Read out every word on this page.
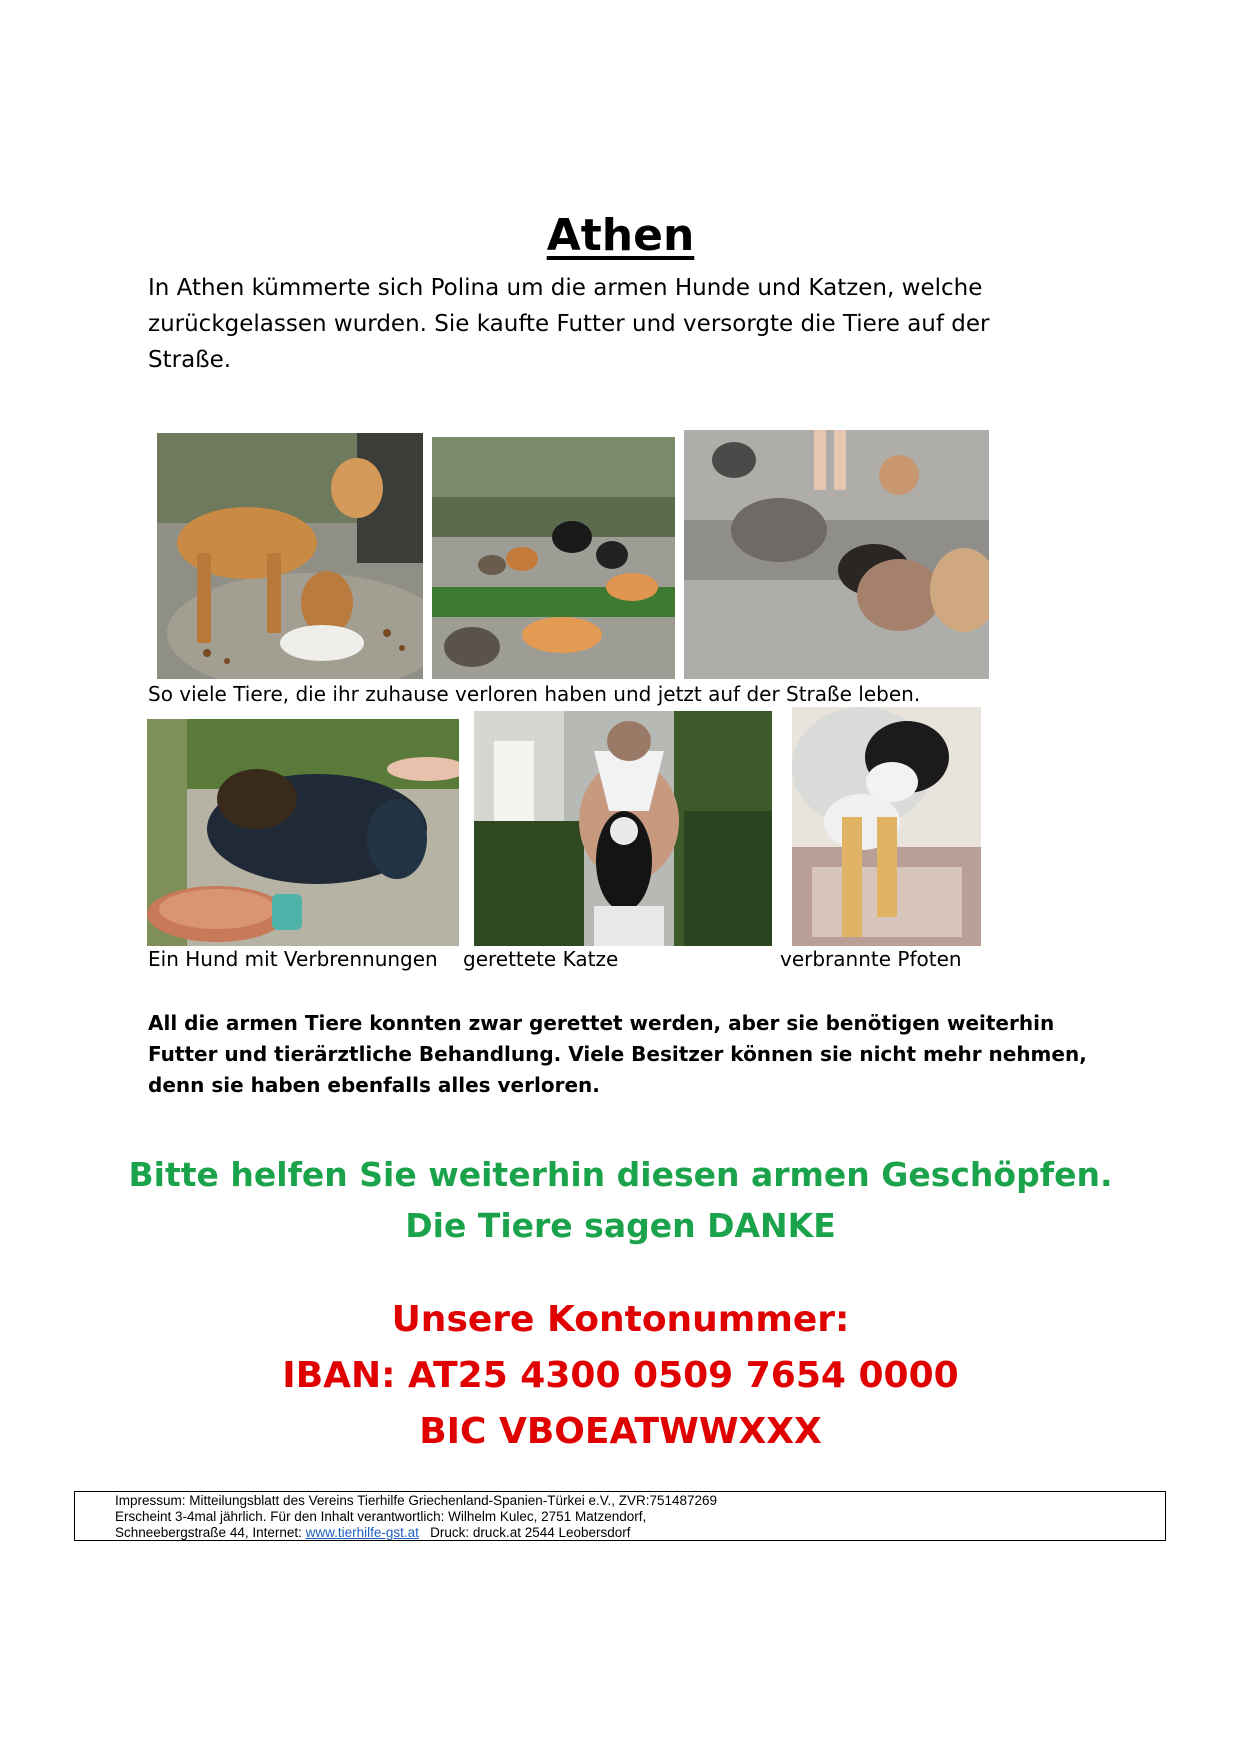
Athen
In Athen kümmerte sich Polina um die armen Hunde und Katzen, welche zurückgelassen wurden. Sie kaufte Futter und versorgte die Tiere auf der Straße.
So viele Tiere, die ihr zuhause verloren haben und jetzt auf der Straße leben.
Ein Hund mit Verbrennungen gerettete Katze	verbrannte Pfoten
All die armen Tiere konnten zwar gerettet werden, aber sie benötigen weiterhin Futter und tierärztliche Behandlung. Viele Besitzer können sie nicht mehr nehmen, denn sie haben ebenfalls alles verloren.
Bitte helfen Sie weiterhin diesen armen Geschöpfen.
Die Tiere sagen DANKE
Unsere Kontonummer:
IBAN: AT25 4300 0509 7654 0000
BIC VBOEATWWXXX
Impressum: Mitteilungsblatt des Vereins Tierhilfe Griechenland-Spanien-Türkei e.V., ZVR:751487269
Erscheint 3-4mal jährlich. Für den Inhalt verantwortlich: Wilhelm Kulec, 2751 Matzendorf,
Schneebergstraße 44, Internet: www.tierhilfe-gst.at   Druck: druck.at 2544 Leobersdorf
